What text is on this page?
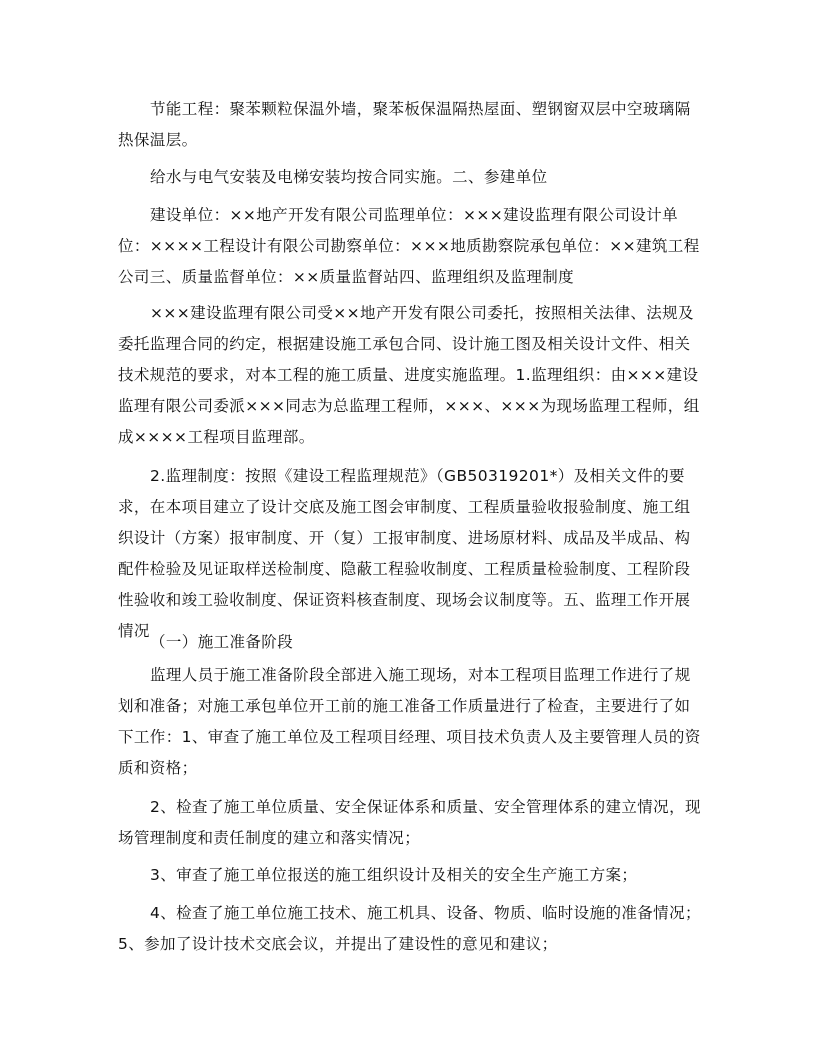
节能工程：聚苯颗粒保温外墙，聚苯板保温隔热屋面、塑钢窗双层中空玻璃隔热保温层。

给水与电气安装及电梯安装均按合同实施。二、参建单位

建设单位：××地产开发有限公司监理单位：×××建设监理有限公司设计单位：××××工程设计有限公司勘察单位：×××地质勘察院承包单位：××建筑工程公司三、质量监督单位：××质量监督站四、监理组织及监理制度

×××建设监理有限公司受××地产开发有限公司委托，按照相关法律、法规及委托监理合同的约定，根据建设施工承包合同、设计施工图及相关设计文件、相关技术规范的要求，对本工程的施工质量、进度实施监理。1.监理组织：由×××建设监理有限公司委派×××同志为总监理工程师，×××、×××为现场监理工程师，组成××××工程项目监理部。

2.监理制度：按照《建设工程监理规范》（GB50319201*）及相关文件的要求，在本项目建立了设计交底及施工图会审制度、工程质量验收报验制度、施工组织设计（方案）报审制度、开（复）工报审制度、进场原材料、成品及半成品、构配件检验及见证取样送检制度、隐蔽工程验收制度、工程质量检验制度、工程阶段性验收和竣工验收制度、保证资料核查制度、现场会议制度等。五、监理工作开展情况

（一）施工准备阶段

监理人员于施工准备阶段全部进入施工现场，对本工程项目监理工作进行了规划和准备；对施工承包单位开工前的施工准备工作质量进行了检查，主要进行了如下工作：1、审查了施工单位及工程项目经理、项目技术负责人及主要管理人员的资质和资格；

2、检查了施工单位质量、安全保证体系和质量、安全管理体系的建立情况，现场管理制度和责任制度的建立和落实情况；

3、审查了施工单位报送的施工组织设计及相关的安全生产施工方案；

4、检查了施工单位施工技术、施工机具、设备、物质、临时设施的准备情况；5、参加了设计技术交底会议，并提出了建设性的意见和建议；
